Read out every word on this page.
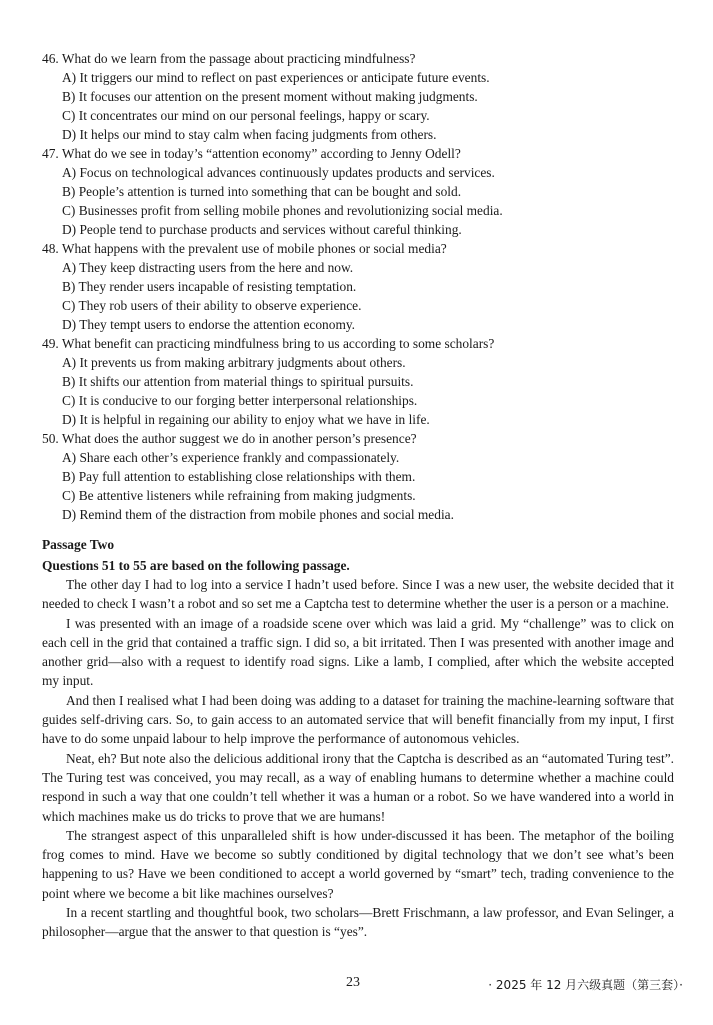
46. What do we learn from the passage about practicing mindfulness?
A) It triggers our mind to reflect on past experiences or anticipate future events.
B) It focuses our attention on the present moment without making judgments.
C) It concentrates our mind on our personal feelings, happy or scary.
D) It helps our mind to stay calm when facing judgments from others.
47. What do we see in today’s “attention economy” according to Jenny Odell?
A) Focus on technological advances continuously updates products and services.
B) People’s attention is turned into something that can be bought and sold.
C) Businesses profit from selling mobile phones and revolutionizing social media.
D) People tend to purchase products and services without careful thinking.
48. What happens with the prevalent use of mobile phones or social media?
A) They keep distracting users from the here and now.
B) They render users incapable of resisting temptation.
C) They rob users of their ability to observe experience.
D) They tempt users to endorse the attention economy.
49. What benefit can practicing mindfulness bring to us according to some scholars?
A) It prevents us from making arbitrary judgments about others.
B) It shifts our attention from material things to spiritual pursuits.
C) It is conducive to our forging better interpersonal relationships.
D) It is helpful in regaining our ability to enjoy what we have in life.
50. What does the author suggest we do in another person’s presence?
A) Share each other’s experience frankly and compassionately.
B) Pay full attention to establishing close relationships with them.
C) Be attentive listeners while refraining from making judgments.
D) Remind them of the distraction from mobile phones and social media.
Passage Two
Questions 51 to 55 are based on the following passage.

The other day I had to log into a service I hadn’t used before. Since I was a new user, the website decided that it needed to check I wasn’t a robot and so set me a Captcha test to determine whether the user is a person or a machine.

I was presented with an image of a roadside scene over which was laid a grid. My “challenge” was to click on each cell in the grid that contained a traffic sign. I did so, a bit irritated. Then I was presented with another image and another grid—also with a request to identify road signs. Like a lamb, I complied, after which the website accepted my input.

And then I realised what I had been doing was adding to a dataset for training the machine-learning software that guides self-driving cars. So, to gain access to an automated service that will benefit financially from my input, I first have to do some unpaid labour to help improve the performance of autonomous vehicles.

Neat, eh? But note also the delicious additional irony that the Captcha is described as an “automated Turing test”. The Turing test was conceived, you may recall, as a way of enabling humans to determine whether a machine could respond in such a way that one couldn’t tell whether it was a human or a robot. So we have wandered into a world in which machines make us do tricks to prove that we are humans!

The strangest aspect of this unparalleled shift is how under-discussed it has been. The metaphor of the boiling frog comes to mind. Have we become so subtly conditioned by digital technology that we don’t see what’s been happening to us? Have we been conditioned to accept a world governed by “smart” tech, trading convenience to the point where we become a bit like machines ourselves?

In a recent startling and thoughtful book, two scholars—Brett Frischmann, a law professor, and Evan Selinger, a philosopher—argue that the answer to that question is “yes”.

23	· 2025 年 12 月六级真题（第三套）·
